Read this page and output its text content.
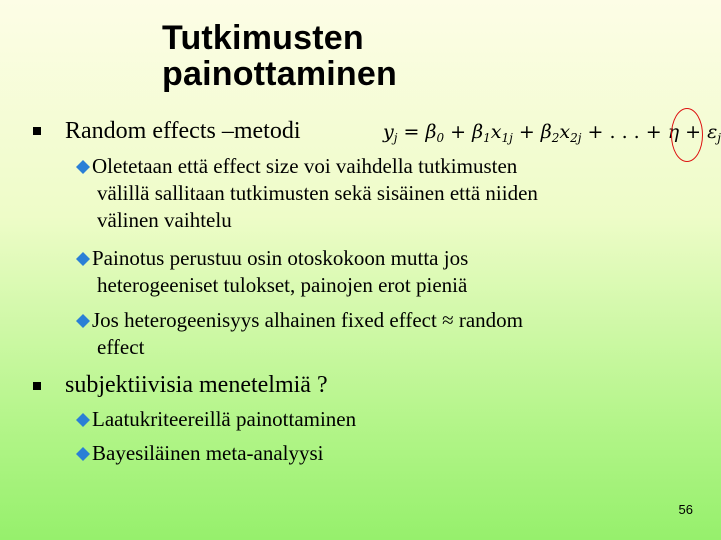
Tutkimusten
painottaminen
Random effects –metodi	$y_j = \beta_0 + \beta_1x_{1j} + \beta_2x_{2j}$ + . . . + $\eta + \varepsilon_j$
Oletetaan että effect size voi vaihdella tutkimusten
välillä sallitaan tutkimusten sekä sisäinen että niiden
välinen vaihtelu
Painotus perustuu osin otoskokoon mutta jos
heterogeeniset tulokset, painojen erot pieniä
Jos heterogeenisyys alhainen fixed effect ≈ random
effect
subjektiivisia menetelmiä ?
Laatukriteereillä painottaminen
Bayesiläinen meta-analyysi
56
